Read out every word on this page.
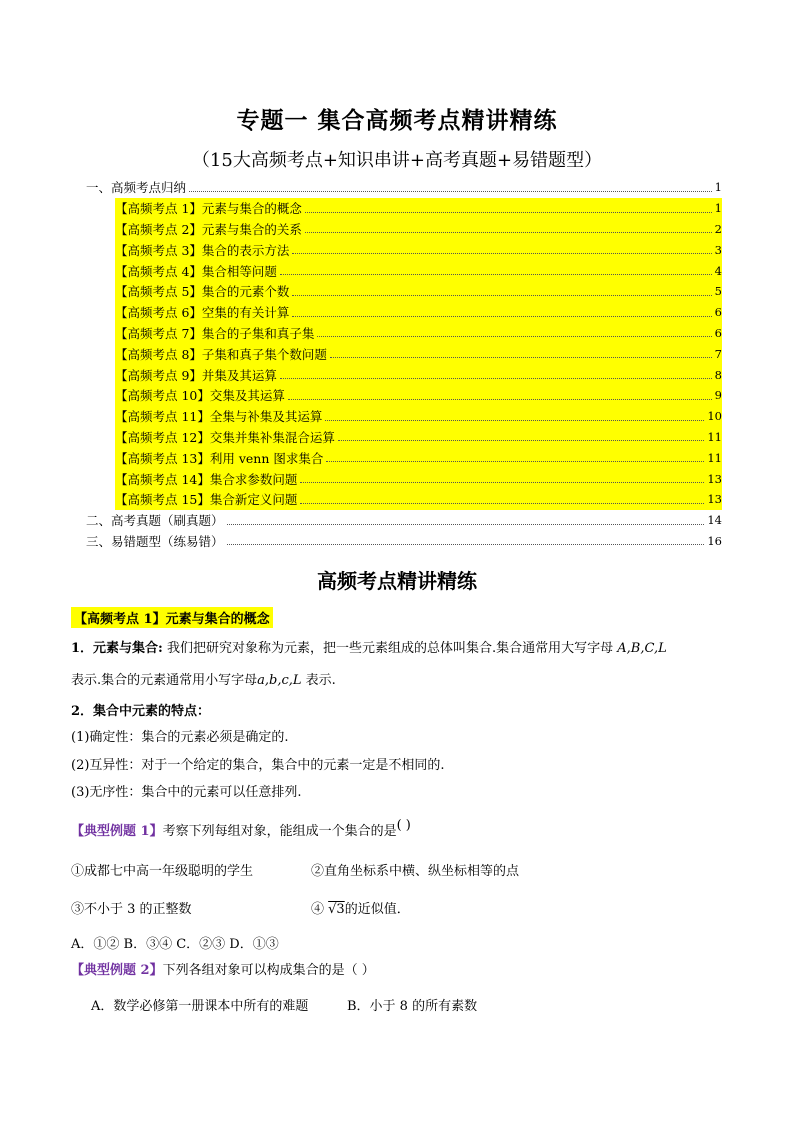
专题一 集合高频考点精讲精练
（15大高频考点+知识串讲+高考真题+易错题型）
一、高频考点归纳	1
【高频考点 1】元素与集合的概念	1
【高频考点 2】元素与集合的关系	2
【高频考点 3】集合的表示方法	3
【高频考点 4】集合相等问题	4
【高频考点 5】集合的元素个数	5
【高频考点 6】空集的有关计算	6
【高频考点 7】集合的子集和真子集	6
【高频考点 8】子集和真子集个数问题	7
【高频考点 9】并集及其运算	8
【高频考点 10】交集及其运算	9
【高频考点 11】全集与补集及其运算	10
【高频考点 12】交集并集补集混合运算	11
【高频考点 13】利用 venn 图求集合	11
【高频考点 14】集合求参数问题	13
【高频考点 15】集合新定义问题	13
二、高考真题（刷真题）	14
三、易错题型（练易错）	16
高频考点精讲精练
【高频考点 1】元素与集合的概念
1．元素与集合: 我们把研究对象称为元素，把一些元素组成的总体叫集合.集合通常用大写字母 A,B,C,L
表示.集合的元素通常用小写字母a,b,c,L 表示.
2．集合中元素的特点：
(1)确定性：集合的元素必须是确定的.
(2)互异性：对于一个给定的集合，集合中的元素一定是不相同的.
(3)无序性：集合中的元素可以任意排列.
【典型例题 1】考察下列每组对象，能组成一个集合的是( )
①成都七中高一年级聪明的学生	②直角坐标系中横、纵坐标相等的点
③不小于 3 的正整数	④ √3的近似值．
A．①② B．③④ C．②③ D．①③
【典型例题 2】下列各组对象可以构成集合的是（ ）
A．数学必修第一册课本中所有的难题	B．小于 8 的所有素数
